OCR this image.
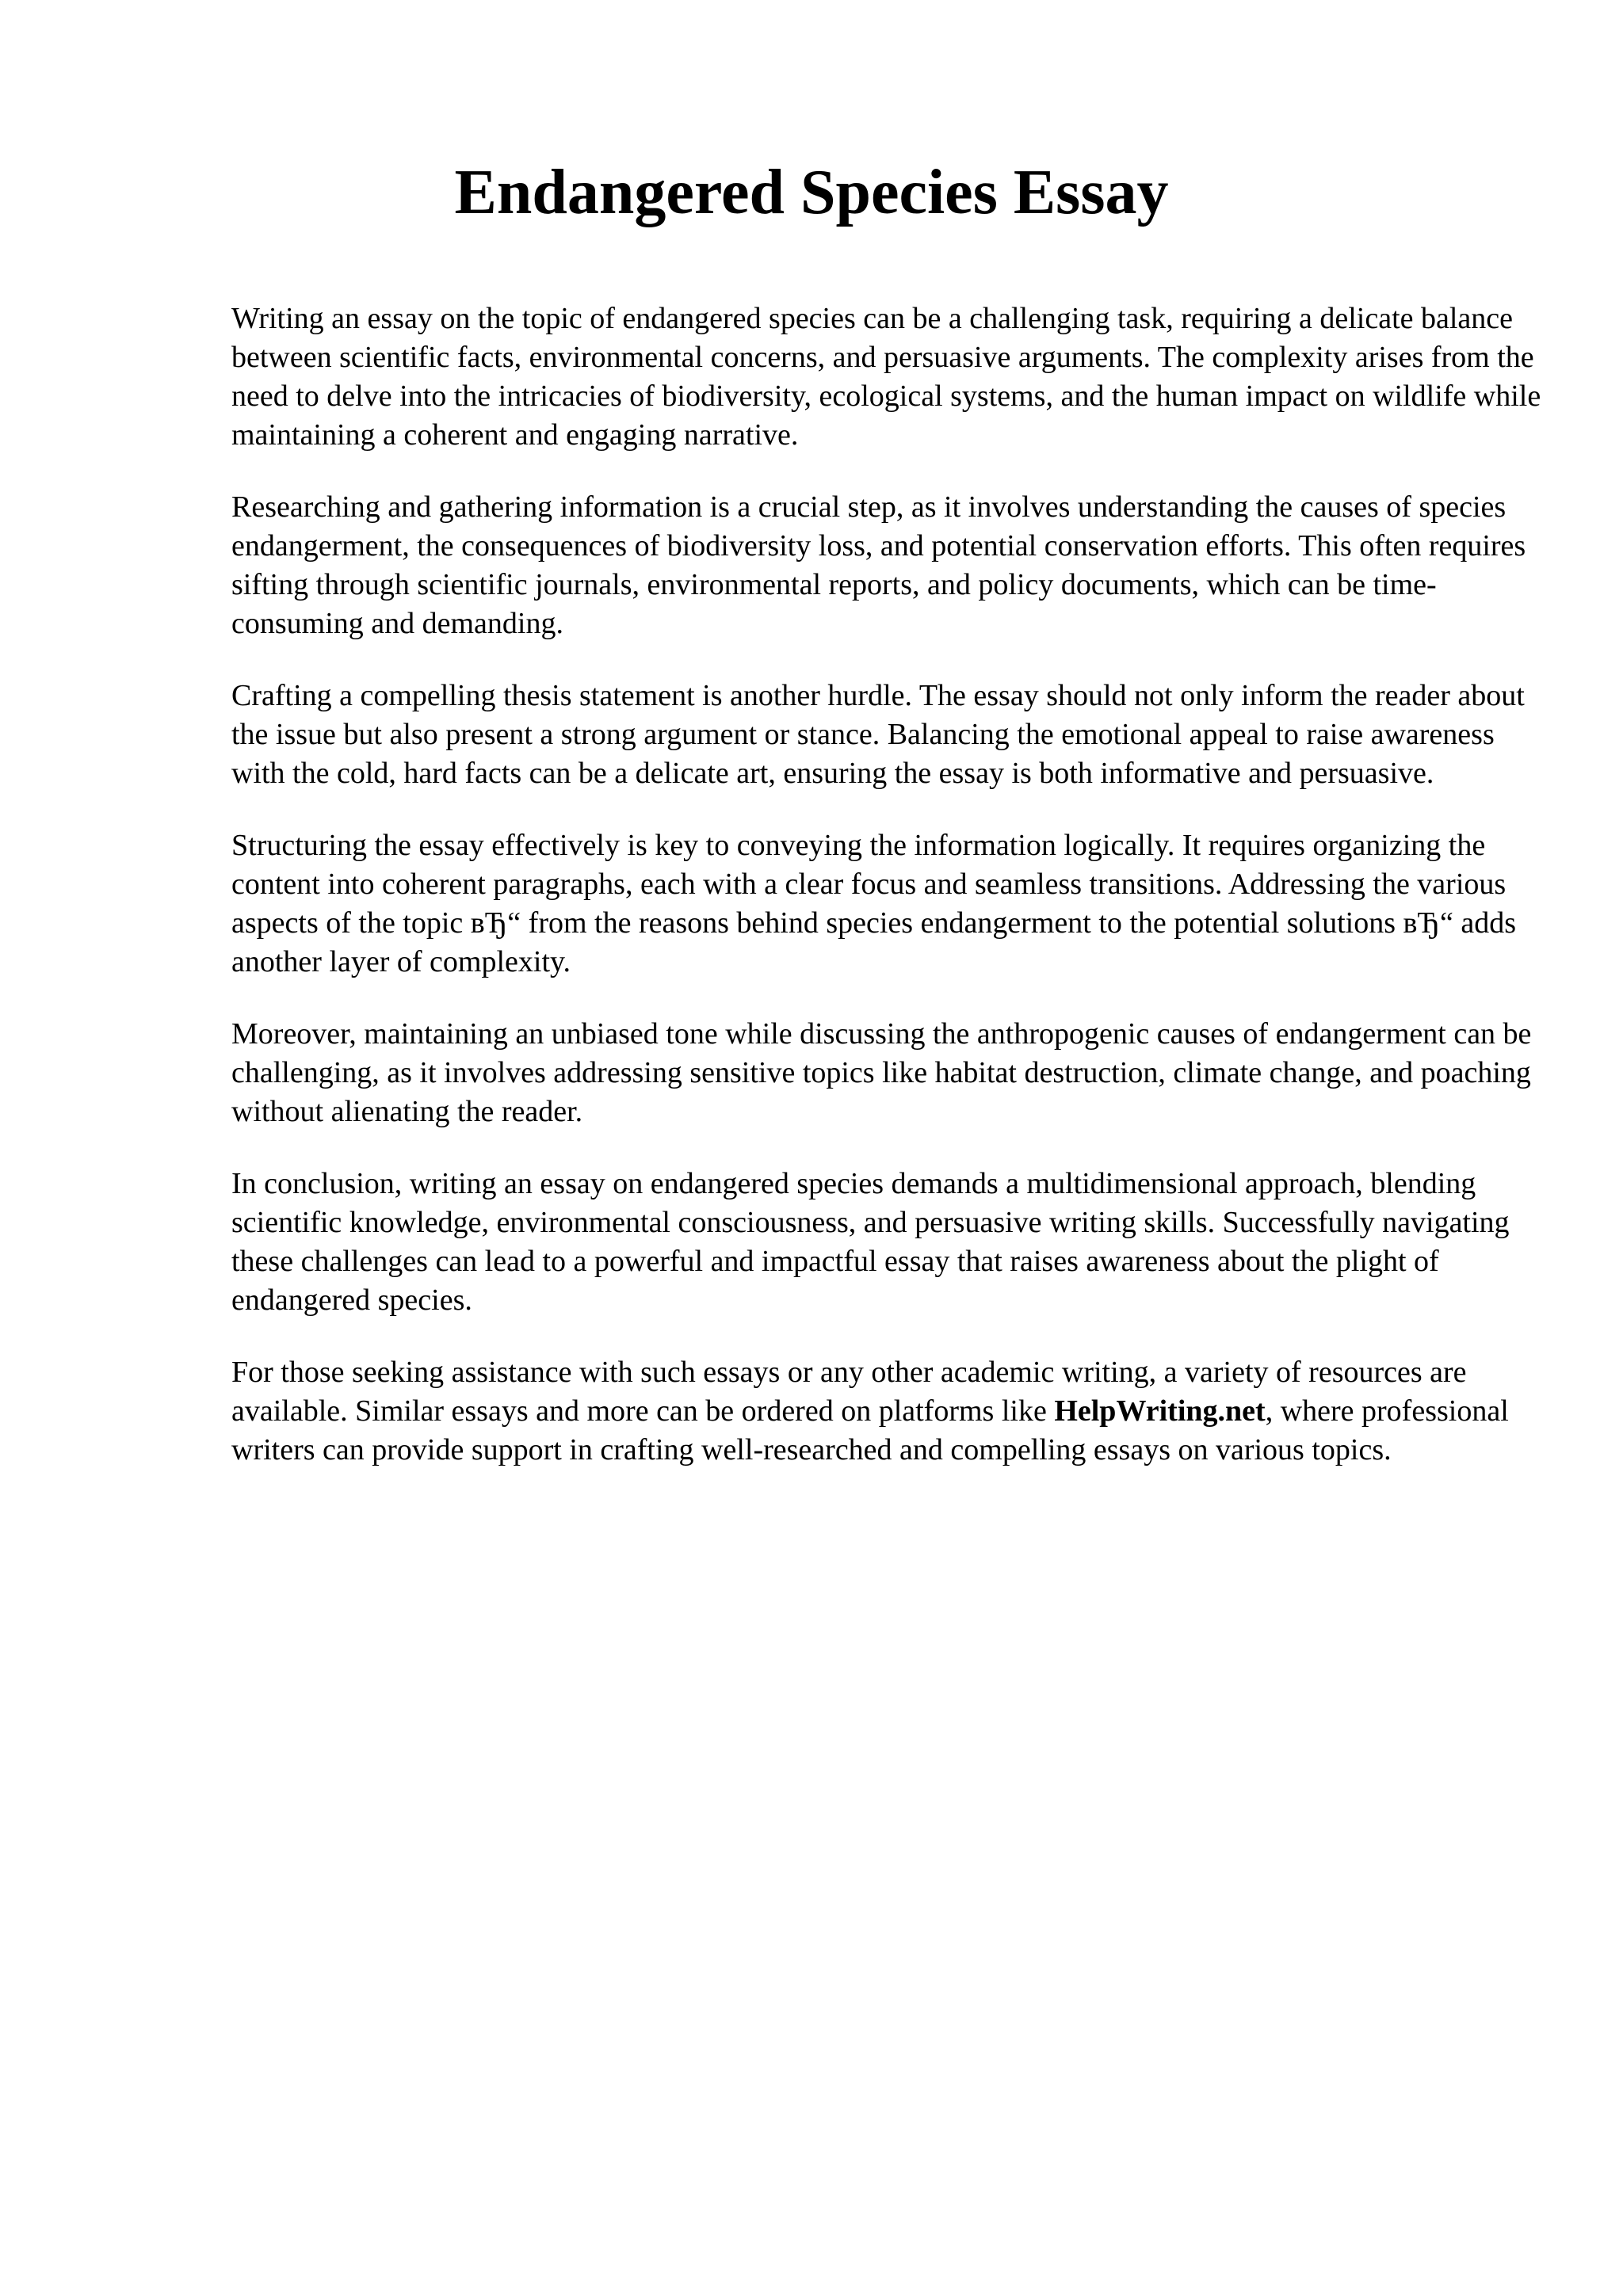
Endangered Species Essay

Writing an essay on the topic of endangered species can be a challenging task, requiring a delicate balance between scientific facts, environmental concerns, and persuasive arguments. The complexity arises from the need to delve into the intricacies of biodiversity, ecological systems, and the human impact on wildlife while maintaining a coherent and engaging narrative.

Researching and gathering information is a crucial step, as it involves understanding the causes of species endangerment, the consequences of biodiversity loss, and potential conservation efforts. This often requires sifting through scientific journals, environmental reports, and policy documents, which can be time-consuming and demanding.

Crafting a compelling thesis statement is another hurdle. The essay should not only inform the reader about the issue but also present a strong argument or stance. Balancing the emotional appeal to raise awareness with the cold, hard facts can be a delicate art, ensuring the essay is both informative and persuasive.

Structuring the essay effectively is key to conveying the information logically. It requires organizing the content into coherent paragraphs, each with a clear focus and seamless transitions. Addressing the various aspects of the topic вЂ“ from the reasons behind species endangerment to the potential solutions вЂ“ adds another layer of complexity.

Moreover, maintaining an unbiased tone while discussing the anthropogenic causes of endangerment can be challenging, as it involves addressing sensitive topics like habitat destruction, climate change, and poaching without alienating the reader.

In conclusion, writing an essay on endangered species demands a multidimensional approach, blending scientific knowledge, environmental consciousness, and persuasive writing skills. Successfully navigating these challenges can lead to a powerful and impactful essay that raises awareness about the plight of endangered species.

For those seeking assistance with such essays or any other academic writing, a variety of resources are available. Similar essays and more can be ordered on platforms like HelpWriting.net, where professional writers can provide support in crafting well-researched and compelling essays on various topics.
